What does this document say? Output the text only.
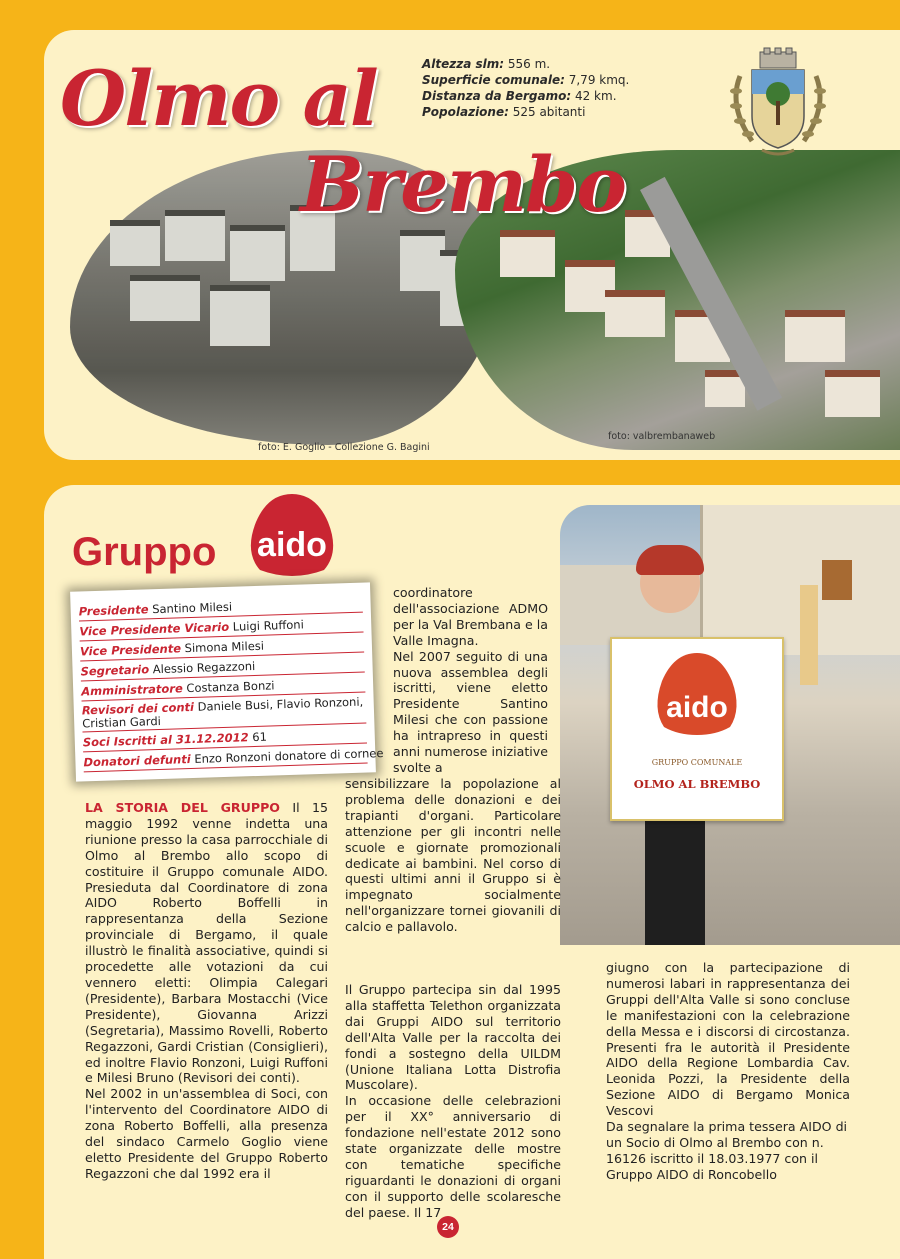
Olmo al
Brembo
Altezza slm: 556 m.
Superficie comunale: 7,79 kmq.
Distanza da Bergamo: 42 km.
Popolazione: 525 abitanti
foto: E. Goglio - Collezione G. Bagini
foto: valbrembanaweb
Gruppo aido
Presidente Santino Milesi
Vice Presidente Vicario Luigi Ruffoni
Vice Presidente Simona Milesi
Segretario Alessio Regazzoni
Amministratore Costanza Bonzi
Revisori dei conti Daniele Busi, Flavio Ronzoni, Cristian Gardi
Soci Iscritti al 31.12.2012 61
Donatori defunti Enzo Ronzoni donatore di cornee
aido
GRUPPO COMUNALE
OLMO AL BREMBO

LA STORIA DEL GRUPPO Il 15 maggio 1992 venne indetta una riunione presso la casa parrocchiale di Olmo al Brembo allo scopo di costituire il Gruppo comunale AIDO. Presieduta dal Coordinatore di zona AIDO Roberto Boffelli in rappresentanza della Sezione provinciale di Bergamo, il quale illustrò le finalità associative, quindi si procedette alle votazioni da cui vennero eletti: Olimpia Calegari (Presidente), Barbara Mostacchi (Vice Presidente), Giovanna Arizzi (Segretaria), Massimo Rovelli, Roberto Regazzoni, Gardi Cristian (Consiglieri), ed inoltre Flavio Ronzoni, Luigi Ruffoni e Milesi Bruno (Revisori dei conti).

Nel 2002 in un'assemblea di Soci, con l'intervento del Coordinatore AIDO di zona Roberto Boffelli, alla presenza del sindaco Carmelo Goglio viene eletto Presidente del Gruppo Roberto Regazzoni che dal 1992 era il

coordinatore dell'associazione ADMO per la Val Brembana e la Valle Imagna.

Nel 2007 seguito di una nuova assemblea degli iscritti, viene eletto Presidente Santino Milesi che con passione ha intrapreso in questi anni numerose iniziative svolte a

sensibilizzare la popolazione al problema delle donazioni e dei trapianti d'organi. Particolare attenzione per gli incontri nelle scuole e giornate promozionali dedicate ai bambini. Nel corso di questi ultimi anni il Gruppo si è impegnato socialmente nell'organizzare tornei giovanili di calcio e pallavolo.

Il Gruppo partecipa sin dal 1995 alla staffetta Telethon organizzata dai Gruppi AIDO sul territorio dell'Alta Valle per la raccolta dei fondi a sostegno della UILDM (Unione Italiana Lotta Distrofia Muscolare).

In occasione delle celebrazioni per il XX° anniversario di fondazione nell'estate 2012 sono state organizzate delle mostre con tematiche specifiche riguardanti le donazioni di organi con il supporto delle scolaresche del paese. Il 17

giugno con la partecipazione di numerosi labari in rappresentanza dei Gruppi dell'Alta Valle si sono concluse le manifestazioni con la celebrazione della Messa e i discorsi di circostanza. Presenti fra le autorità il Presidente AIDO della Regione Lombardia Cav. Leonida Pozzi, la Presidente della Sezione AIDO di Bergamo Monica Vescovi

Da segnalare la prima tessera AIDO di un Socio di Olmo al Brembo con n. 16126 iscritto il 18.03.1977 con il Gruppo AIDO di Roncobello

24
